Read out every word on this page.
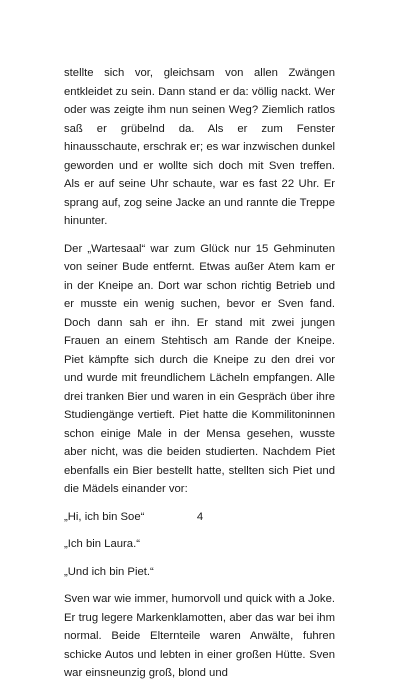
stellte sich vor, gleichsam von allen Zwängen entkleidet zu sein. Dann stand er da: völlig nackt. Wer oder was zeigte ihm nun seinen Weg? Ziemlich ratlos saß er grübelnd da. Als er zum Fenster hinausschaute, erschrak er; es war inzwischen dunkel geworden und er wollte sich doch mit Sven treffen. Als er auf seine Uhr schaute, war es fast 22 Uhr. Er sprang auf, zog seine Jacke an und rannte die Treppe hinunter.

Der „Wartesaal“ war zum Glück nur 15 Gehminuten von seiner Bude entfernt. Etwas außer Atem kam er in der Kneipe an. Dort war schon richtig Betrieb und er musste ein wenig suchen, bevor er Sven fand. Doch dann sah er ihn. Er stand mit zwei jungen Frauen an einem Stehtisch am Rande der Kneipe. Piet kämpfte sich durch die Kneipe zu den drei vor und wurde mit freundlichem Lächeln empfangen. Alle drei tranken Bier und waren in ein Gespräch über ihre Studiengänge vertieft. Piet hatte die Kommilitoninnen schon einige Male in der Mensa gesehen, wusste aber nicht, was die beiden studierten. Nachdem Piet ebenfalls ein Bier bestellt hatte, stellten sich Piet und die Mädels einander vor:

„Hi, ich bin Soe“

„Ich bin Laura.“

„Und ich bin Piet.“

Sven war wie immer, humorvoll und quick with a Joke. Er trug legere Markenklamotten, aber das war bei ihm normal. Beide Elternteile waren Anwälte, fuhren schicke Autos und lebten in einer großen Hütte. Sven war einsneunzig groß, blond und

4
